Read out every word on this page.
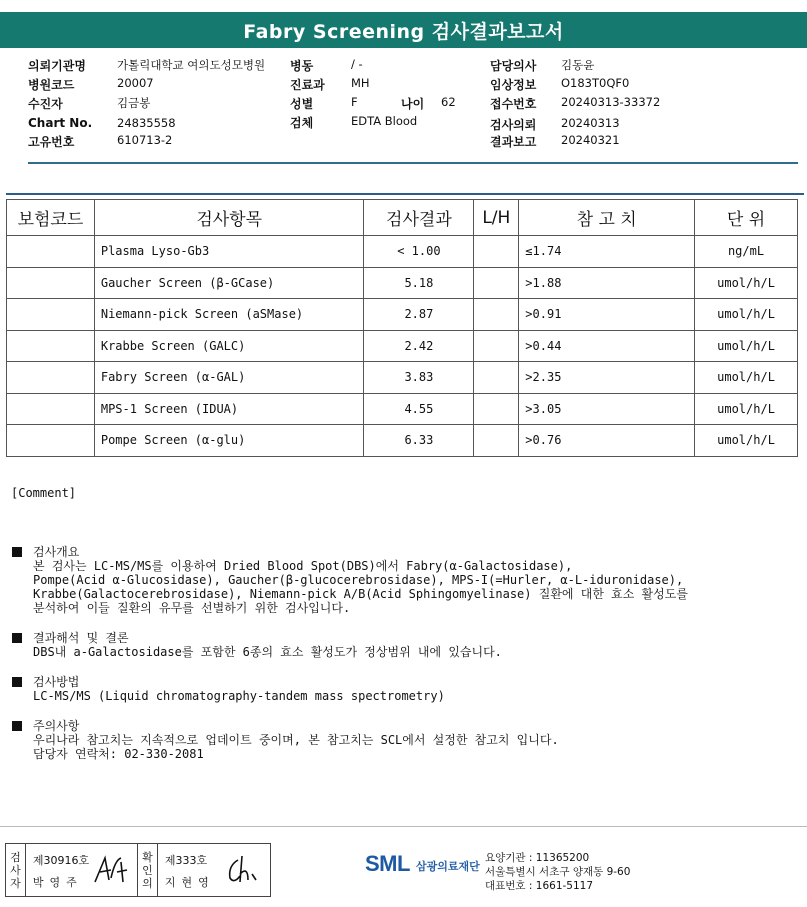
Fabry Screening 검사결과보고서
의뢰기관명	가톨릭대학교 여의도성모병원
병원코드	20007
수진자	김금봉
Chart No. 24835558
고유번호	610713-2
병동	/ -
진료과 MH
성별	F	나이 62
검체	EDTA Blood
담당의사 김동윤
임상정보 O183T0QF0
접수번호 20240313-33372
검사의뢰 20240313
결과보고 20240321
보험코드	검사항목	검사결과	L/H	참 고 치	단 위
	Plasma Lyso-Gb3	< 1.00		≤1.74	ng/mL
	Gaucher Screen (β-GCase)	5.18		>1.88	umol/h/L
	Niemann-pick Screen (aSMase)	2.87		>0.91	umol/h/L
	Krabbe Screen (GALC)	2.42		>0.44	umol/h/L
	Fabry Screen (α-GAL)	3.83		>2.35	umol/h/L
	MPS-1 Screen (IDUA)	4.55		>3.05	umol/h/L
	Pompe Screen (α-glu)	6.33		>0.76	umol/h/L
[Comment]
검사개요
본 검사는 LC-MS/MS를 이용하여 Dried Blood Spot(DBS)에서 Fabry(α-Galactosidase),
Pompe(Acid α-Glucosidase), Gaucher(β-glucocerebrosidase), MPS-I(=Hurler, α-L-iduronidase),
Krabbe(Galactocerebrosidase), Niemann-pick A/B(Acid Sphingomyelinase) 질환에 대한 효소 활성도를
분석하여 이들 질환의 유무를 선별하기 위한 검사입니다.
결과해석 및 결론
DBS내 a-Galactosidase를 포함한 6종의 효소 활성도가 정상범위 내에 있습니다.
검사방법
LC-MS/MS (Liquid chromatography-tandem mass spectrometry)
주의사항
우리나라 참고치는 지속적으로 업데이트 중이며, 본 참고치는 SCL에서 설정한 참고치 입니다.
담당자 연락처: 02-330-2081
검
사
자
제30916호
박영주
확
인
의
제333호
지현영
SML 삼광의료재단
요양기관 : 11365200
서울특별시 서초구 양재동 9-60
대표번호 : 1661-5117
